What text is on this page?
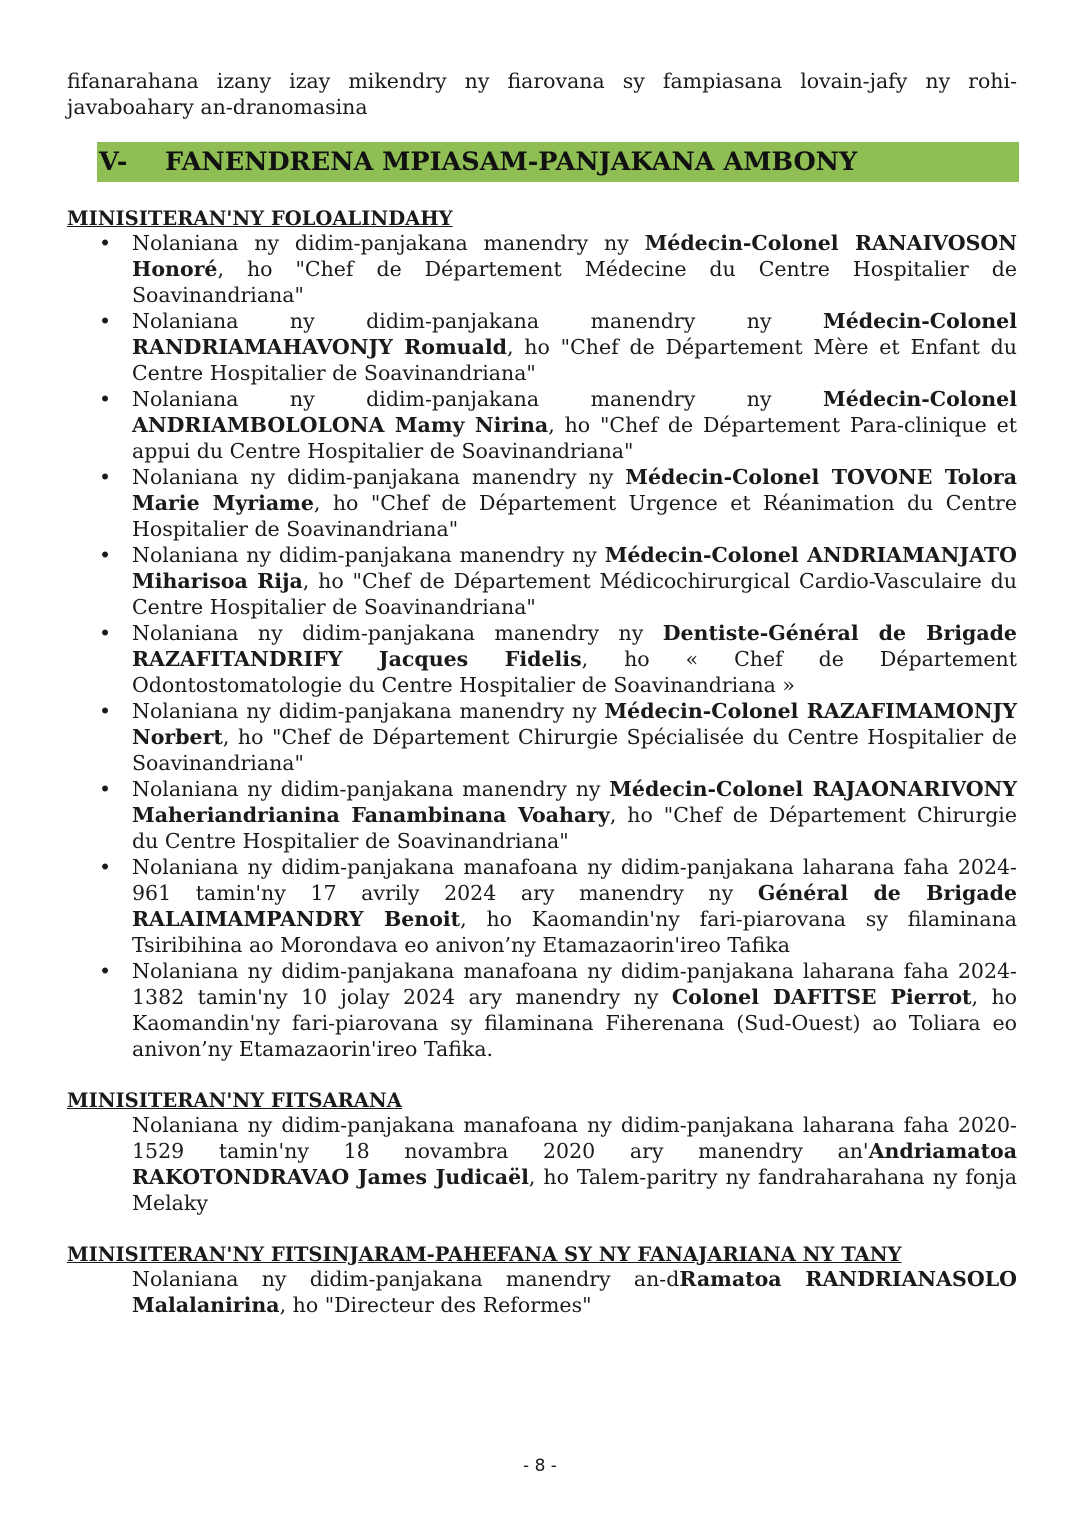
fifanarahana izany izay mikendry ny fiarovana sy fampiasana lovain-jafy ny rohi-javaboahary an-dranomasina

V-	FANENDRENA MPIASAM-PANJAKANA AMBONY
MINISITERAN'NY FOLOALINDAHY
• Nolaniana ny didim-panjakana manendry ny Médecin-Colonel RANAIVOSON Honoré, ho "Chef de Département Médecine du Centre Hospitalier de Soavinandriana"
• Nolaniana ny didim-panjakana manendry ny Médecin-Colonel RANDRIAMAHAVONJY Romuald, ho "Chef de Département Mère et Enfant du Centre Hospitalier de Soavinandriana"
• Nolaniana ny didim-panjakana manendry ny Médecin-Colonel ANDRIAMBOLOLONA Mamy Nirina, ho "Chef de Département Para-clinique et appui du Centre Hospitalier de Soavinandriana"
• Nolaniana ny didim-panjakana manendry ny Médecin-Colonel TOVONE Tolora Marie Myriame, ho "Chef de Département Urgence et Réanimation du Centre Hospitalier de Soavinandriana"
• Nolaniana ny didim-panjakana manendry ny Médecin-Colonel ANDRIAMANJATO Miharisoa Rija, ho "Chef de Département Médicochirurgical Cardio-Vasculaire du Centre Hospitalier de Soavinandriana"
• Nolaniana ny didim-panjakana manendry ny Dentiste-Général de Brigade RAZAFITANDRIFY Jacques Fidelis, ho « Chef de Département Odontostomatologie du Centre Hospitalier de Soavinandriana »
• Nolaniana ny didim-panjakana manendry ny Médecin-Colonel RAZAFIMAMONJY Norbert, ho "Chef de Département Chirurgie Spécialisée du Centre Hospitalier de Soavinandriana"
• Nolaniana ny didim-panjakana manendry ny Médecin-Colonel RAJAONARIVONY Maheriandrianina Fanambinana Voahary, ho "Chef de Département Chirurgie du Centre Hospitalier de Soavinandriana"
• Nolaniana ny didim-panjakana manafoana ny didim-panjakana laharana faha 2024-961 tamin'ny 17 avrily 2024 ary manendry ny Général de Brigade RALAIMAMPANDRY Benoit, ho Kaomandin'ny fari-piarovana sy filaminana Tsiribihina ao Morondava eo anivon’ny Etamazaorin'ireo Tafika
• Nolaniana ny didim-panjakana manafoana ny didim-panjakana laharana faha 2024-1382 tamin'ny 10 jolay 2024 ary manendry ny Colonel DAFITSE Pierrot, ho Kaomandin'ny fari-piarovana sy filaminana Fiherenana (Sud-Ouest) ao Toliara eo anivon’ny Etamazaorin'ireo Tafika.
MINISITERAN'NY FITSARANA

Nolaniana ny didim-panjakana manafoana ny didim-panjakana laharana faha 2020-1529 tamin'ny 18 novambra 2020 ary manendry an'Andriamatoa RAKOTONDRAVAO James Judicaël, ho Talem-paritry ny fandraharahana ny fonja Melaky

MINISITERAN'NY FITSINJARAM-PAHEFANA SY NY FANAJARIANA NY TANY

Nolaniana ny didim-panjakana manendry an-dRamatoa RANDRIANASOLO Malalanirina, ho "Directeur des Reformes"

- 8 -
